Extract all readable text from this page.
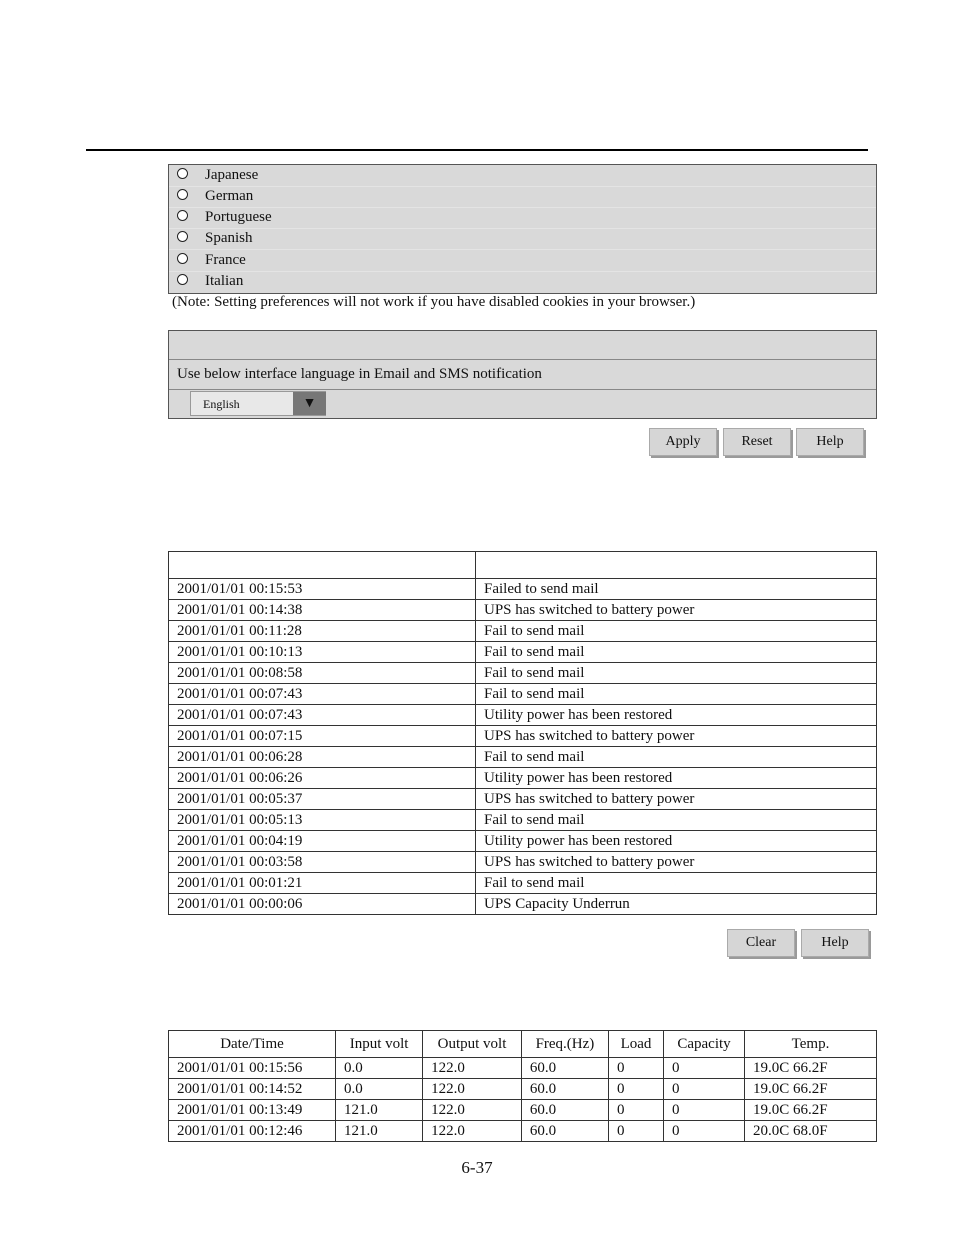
Japanese
German
Portuguese
Spanish
France
Italian
(Note: Setting preferences will not work if you have disabled cookies in your browser.)
Use below interface language in Email and SMS notification
English	▼
Apply	Reset	Help

2001/01/01 00:15:53	Failed to send mail
2001/01/01 00:14:38	UPS has switched to battery power
2001/01/01 00:11:28	Fail to send mail
2001/01/01 00:10:13	Fail to send mail
2001/01/01 00:08:58	Fail to send mail
2001/01/01 00:07:43	Fail to send mail
2001/01/01 00:07:43	Utility power has been restored
2001/01/01 00:07:15	UPS has switched to battery power
2001/01/01 00:06:28	Fail to send mail
2001/01/01 00:06:26	Utility power has been restored
2001/01/01 00:05:37	UPS has switched to battery power
2001/01/01 00:05:13	Fail to send mail
2001/01/01 00:04:19	Utility power has been restored
2001/01/01 00:03:58	UPS has switched to battery power
2001/01/01 00:01:21	Fail to send mail
2001/01/01 00:00:06	UPS Capacity Underrun
Clear	Help
Date/Time	Input volt	Output volt	Freq.(Hz)	Load	Capacity	Temp.
2001/01/01 00:15:56	0.0	122.0	60.0	0	0	19.0C 66.2F
2001/01/01 00:14:52	0.0	122.0	60.0	0	0	19.0C 66.2F
2001/01/01 00:13:49	121.0	122.0	60.0	0	0	19.0C 66.2F
2001/01/01 00:12:46	121.0	122.0	60.0	0	0	20.0C 68.0F
6-37
